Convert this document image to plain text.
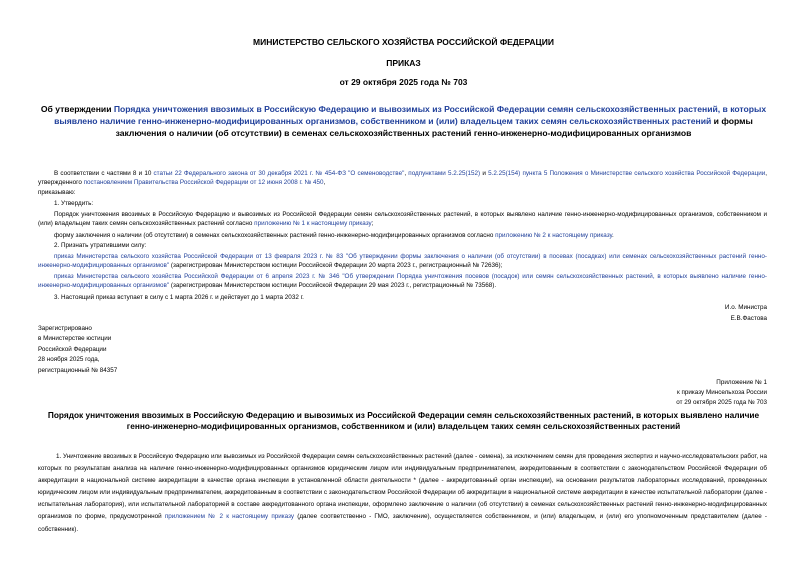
МИНИСТЕРСТВО СЕЛЬСКОГО ХОЗЯЙСТВА РОССИЙСКОЙ ФЕДЕРАЦИИ
ПРИКАЗ
от 29 октября 2025 года № 703
Об утверждении Порядка уничтожения ввозимых в Российскую Федерацию и вывозимых из Российской Федерации семян сельскохозяйственных растений, в которых выявлено наличие генно-инженерно-модифицированных организмов, собственником и (или) владельцем таких семян сельскохозяйственных растений и формы заключения о наличии (об отсутствии) в семенах сельскохозяйственных растений генно-инженерно-модифицированных организмов
В соответствии с частями 8 и 10 статьи 22 Федерального закона от 30 декабря 2021 г. № 454-ФЗ "О семеноводстве", подпунктами 5.2.25(152) и 5.2.25(154) пункта 5 Положения о Министерстве сельского хозяйства Российской Федерации, утвержденного постановлением Правительства Российской Федерации от 12 июня 2008 г. № 450,
приказываю:
1. Утвердить:
Порядок уничтожения ввозимых в Российскую Федерацию и вывозимых из Российской Федерации семян сельскохозяйственных растений, в которых выявлено наличие генно-инженерно-модифицированных организмов, собственником и (или) владельцем таких семян сельскохозяйственных растений согласно приложению № 1 к настоящему приказу;
форму заключения о наличии (об отсутствии) в семенах сельскохозяйственных растений генно-инженерно-модифицированных организмов согласно приложению № 2 к настоящему приказу.
2. Признать утратившими силу:
приказ Министерства сельского хозяйства Российской Федерации от 13 февраля 2023 г. № 83 "Об утверждении формы заключения о наличии (об отсутствии) в посевах (посадках) или семенах сельскохозяйственных растений генно-инженерно-модифицированных организмов" (зарегистрирован Министерством юстиции Российской Федерации 20 марта 2023 г., регистрационный № 72636);
приказ Министерства сельского хозяйства Российской Федерации от 6 апреля 2023 г. № 346 "Об утверждении Порядка уничтожения посевов (посадок) или семян сельскохозяйственных растений, в которых выявлено наличие генно-инженерно-модифицированных организмов" (зарегистрирован Министерством юстиции Российской Федерации 29 мая 2023 г., регистрационный № 73568).
3. Настоящий приказ вступает в силу с 1 марта 2026 г. и действует до 1 марта 2032 г.
И.о. Министра
Е.В.Фастова
Зарегистрировано
в Министерстве юстиции
Российской Федерации
28 ноября 2025 года,
регистрационный № 84357
Приложение № 1
к приказу Минсельхоза России
от 29 октября 2025 года № 703
Порядок уничтожения ввозимых в Российскую Федерацию и вывозимых из Российской Федерации семян сельскохозяйственных растений, в которых выявлено наличие генно-инженерно-модифицированных организмов, собственником и (или) владельцем таких семян сельскохозяйственных растений
1. Уничтожение ввозимых в Российскую Федерацию или вывозимых из Российской Федерации семян сельскохозяйственных растений (далее - семена), за исключением семян для проведения экспертиз и научно-исследовательских работ, на которых по результатам анализа на наличие генно-инженерно-модифицированных организмов юридическим лицом или индивидуальным предпринимателем, аккредитованным в соответствии с законодательством Российской Федерации об аккредитации в национальной системе аккредитации в качестве органа инспекции в установленной области деятельности * (далее - аккредитованный орган инспекции), на основании результатов лабораторных исследований, проведенных юридическим лицом или индивидуальным предпринимателем, аккредитованным в соответствии с законодательством Российской Федерации об аккредитации в национальной системе аккредитации в качестве испытательной лаборатории (далее - испытательная лаборатория), или испытательной лабораторией в составе аккредитованного органа инспекции, оформлено заключение о наличии (об отсутствии) в семенах сельскохозяйственных растений генно-инженерно-модифицированных организмов по форме, предусмотренной приложением № 2 к настоящему приказу (далее соответственно - ГМО, заключение), осуществляется собственником, и (или) владельцем, и (или) его уполномоченным представителем (далее - собственник).
